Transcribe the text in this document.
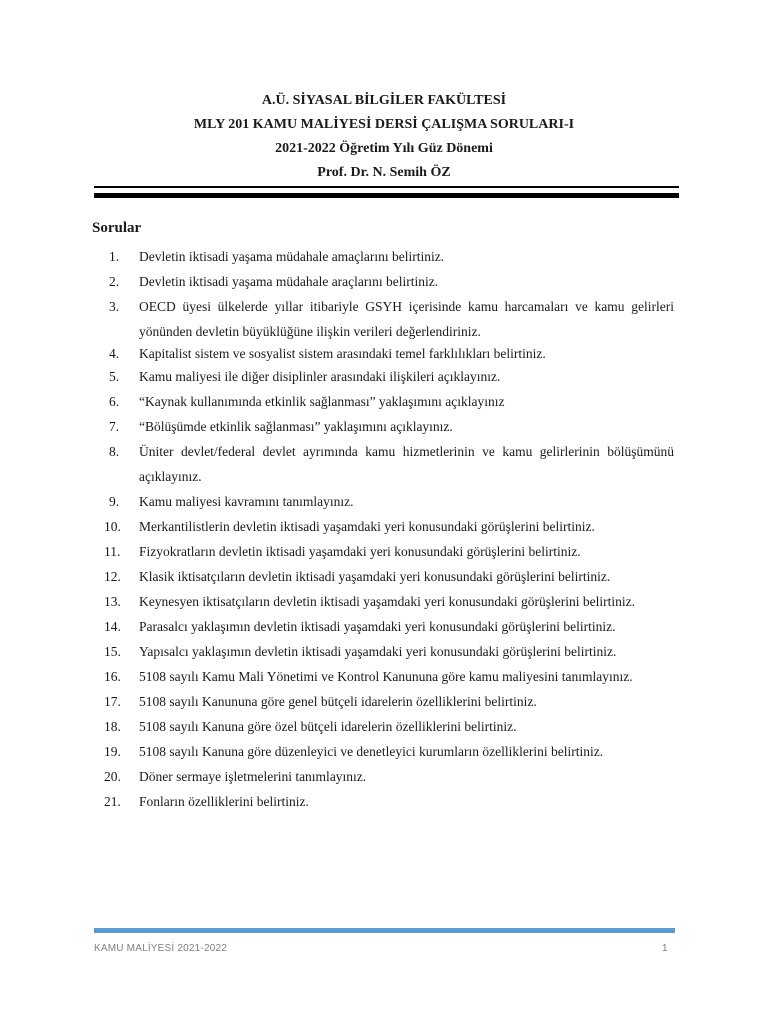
A.Ü. SİYASAL BİLGİLER FAKÜLTESİ
MLY 201 KAMU MALİYESİ DERSİ ÇALIŞMA SORULARI-I
2021-2022 Öğretim Yılı Güz Dönemi
Prof. Dr. N. Semih ÖZ
Sorular
1.	Devletin iktisadi yaşama müdahale amaçlarını belirtiniz.
2.	Devletin iktisadi yaşama müdahale araçlarını belirtiniz.
3.	OECD üyesi ülkelerde yıllar itibariyle GSYH içerisinde kamu harcamaları ve kamu gelirleri yönünden devletin büyüklüğüne ilişkin verileri değerlendiriniz.
4.	Kapitalist sistem ve sosyalist sistem arasındaki temel farklılıkları belirtiniz.
5.	Kamu maliyesi ile diğer disiplinler arasındaki ilişkileri açıklayınız.
6.	“Kaynak kullanımında etkinlik sağlanması” yaklaşımını açıklayınız
7.	“Bölüşümde etkinlik sağlanması” yaklaşımını açıklayınız.
8.	Üniter devlet/federal devlet ayrımında kamu hizmetlerinin ve kamu gelirlerinin bölüşümünü açıklayınız.
9.	Kamu maliyesi kavramını tanımlayınız.
10.	Merkantilistlerin devletin iktisadi yaşamdaki yeri konusundaki görüşlerini belirtiniz.
11.	Fizyokratların devletin iktisadi yaşamdaki yeri konusundaki görüşlerini belirtiniz.
12.	Klasik iktisatçıların devletin iktisadi yaşamdaki yeri konusundaki görüşlerini belirtiniz.
13.	Keynesyen iktisatçıların devletin iktisadi yaşamdaki yeri konusundaki görüşlerini belirtiniz.
14.	Parasalcı yaklaşımın devletin iktisadi yaşamdaki yeri konusundaki görüşlerini belirtiniz.
15.	Yapısalcı yaklaşımın devletin iktisadi yaşamdaki yeri konusundaki görüşlerini belirtiniz.
16.	5108 sayılı Kamu Mali Yönetimi ve Kontrol Kanununa göre kamu maliyesini tanımlayınız.
17.	5108 sayılı Kanununa göre genel bütçeli idarelerin özelliklerini belirtiniz.
18.	5108 sayılı Kanuna göre özel bütçeli idarelerin özelliklerini belirtiniz.
19.	5108 sayılı Kanuna göre düzenleyici ve denetleyici kurumların özelliklerini belirtiniz.
20.	Döner sermaye işletmelerini tanımlayınız.
21.	Fonların özelliklerini belirtiniz.
KAMU MALİYESİ 2021-2022	1
